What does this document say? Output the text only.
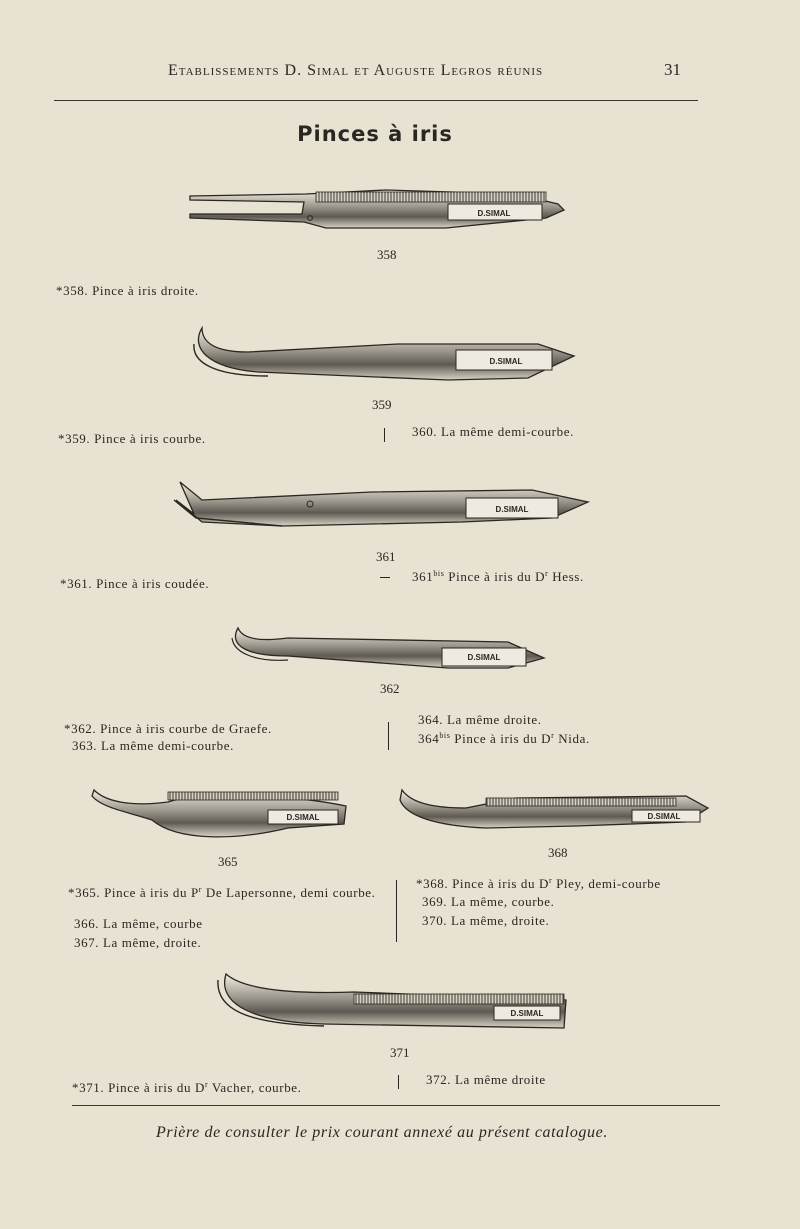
Etablissements D. Simal et Auguste Legros réunis	31
Pinces à iris
D.SIMAL
358
*358. Pince à iris droite.
D.SIMAL
359
*359. Pince à iris courbe.	360. La même demi-courbe.
D.SIMAL
361
*361. Pince à iris coudée.	$361^{bis}$ Pince à iris du $D^r$ Hess.
D.SIMAL
362
*362. Pince à iris courbe de Graefe.
363. La même demi-courbe.
364. La même droite.
$364^{bis}$ Pince à iris du $D^r$ Nida.
D.SIMAL
365
D.SIMAL
368
*365. Pince à iris du $P^r$ De Lapersonne, demi courbe.
366. La même, courbe
367. La même, droite.
*368. Pince à iris du $D^r$ Pley, demi-courbe
369. La même, courbe.
370. La même, droite.
D.SIMAL
371
*371. Pince à iris du $D^r$ Vacher, courbe.
372. La même droite
Prière de consulter le prix courant annexé au présent catalogue.
